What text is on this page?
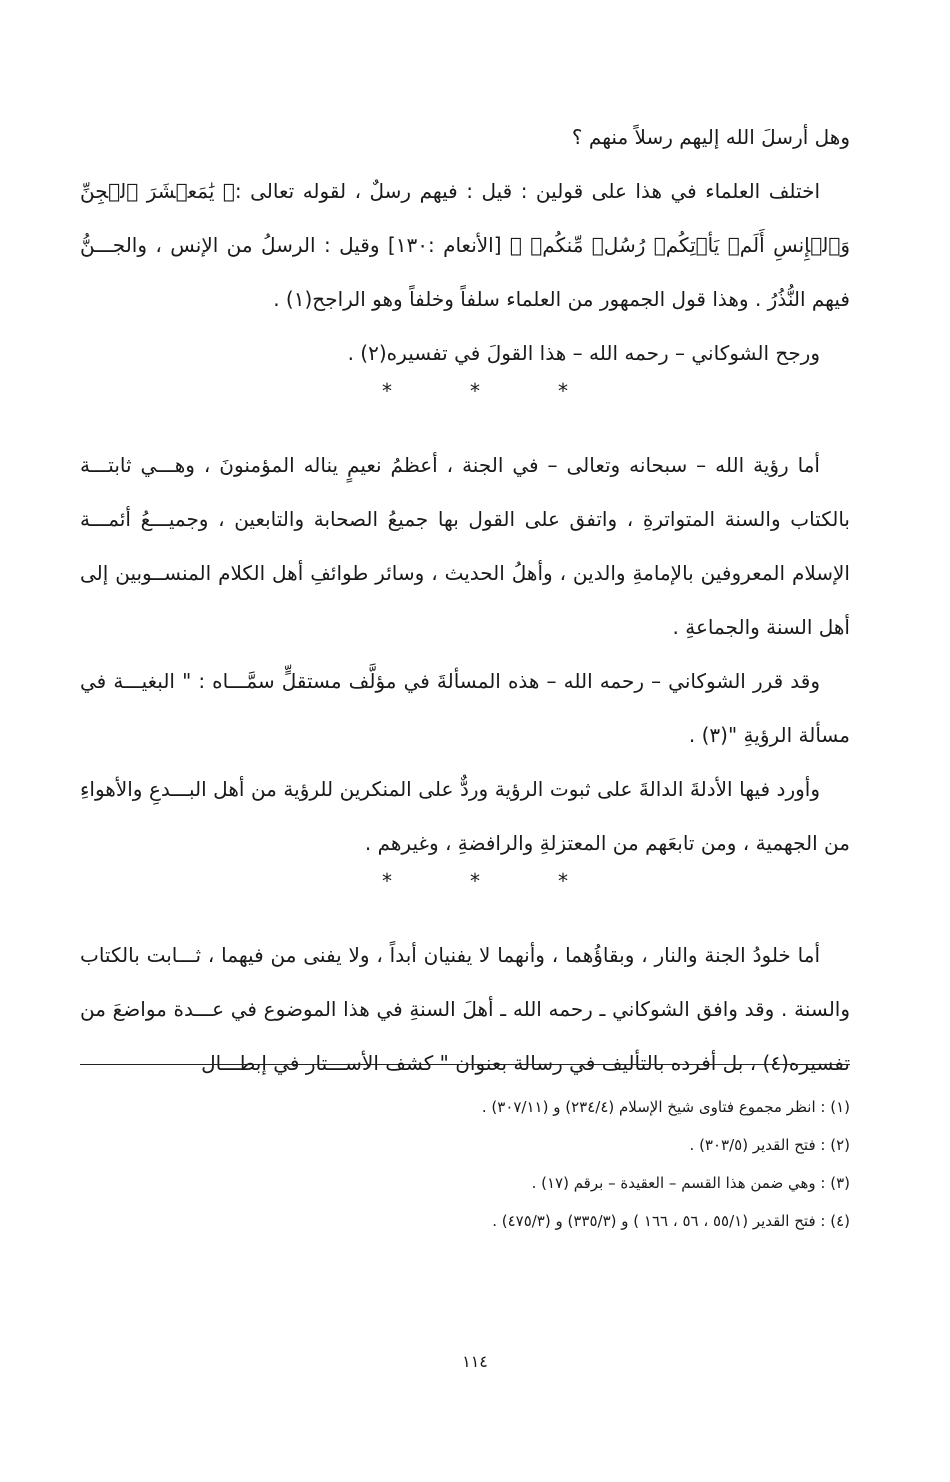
وهل أرسلَ الله إليهم رسلاً منهم ؟

اختلف العلماء في هذا على قولين : قيل : فيهم رسلٌ ، لقوله تعالى :﴿ يَٰمَعۡشَرَ ٱلۡجِنِّ وَٱلۡإِنسِ أَلَمۡ يَأۡتِكُمۡ رُسُلٞ مِّنكُمۡ ﴾ [الأنعام :١٣٠] وقيل : الرسلُ من الإنس ، والجـــنُّ فيهم النُّذُرُ . وهذا قول الجمهور من العلماء سلفاً وخلفاً وهو الراجح(١) .

ورجح الشوكاني – رحمه الله – هذا القولَ في تفسيره(٢) .

*	*	*

أما رؤية الله – سبحانه وتعالى – في الجنة ، أعظمُ نعيمٍ يناله المؤمنونَ ، وهـــي ثابتـــة بالكتاب والسنة المتواترةِ ، واتفق على القول بها جميعُ الصحابة والتابعين ، وجميـــعُ أئمـــة الإسلام المعروفين بالإمامةِ والدين ، وأهلُ الحديث ، وسائر طوائفِ أهل الكلام المنســوبين إلى أهل السنة والجماعةِ .

وقد قرر الشوكاني – رحمه الله – هذه المسألةَ في مؤلَّف مستقلٍّ سمَّـــاه : " البغيـــة في مسألة الرؤيةِ "(٣) .

وأورد فيها الأدلةَ الدالةَ على ثبوت الرؤية وردٌّ على المنكرين للرؤية من أهل البـــدعِ والأهواءِ من الجهمية ، ومن تابعَهم من المعتزلةِ والرافضةِ ، وغيرهم .

*	*	*

أما خلودُ الجنة والنار ، وبقاؤُهما ، وأنهما لا يفنيان أبداً ، ولا يفنى من فيهما ، ثـــابت بالكتاب والسنة . وقد وافق الشوكاني ـ رحمه الله ـ أهلَ السنةِ في هذا الموضوع في عـــدة مواضعَ من تفسيره(٤) ، بل أفرده بالتأليف في رسالة بعنوان " كشف الأســـتار في إبطـــال

(١) : انظر مجموع فتاوى شيخ الإسلام (٢٣٤/٤) و (٣٠٧/١١) .

(٢) : فتح القدير (٣٠٣/٥) .

(٣) : وهي ضمن هذا القسم – العقيدة – برقم (١٧) .

(٤) : فتح القدير (٥٥/١ ، ٥٦ ، ١٦٦ ) و (٣٣٥/٣) و (٤٧٥/٣) .

١١٤
